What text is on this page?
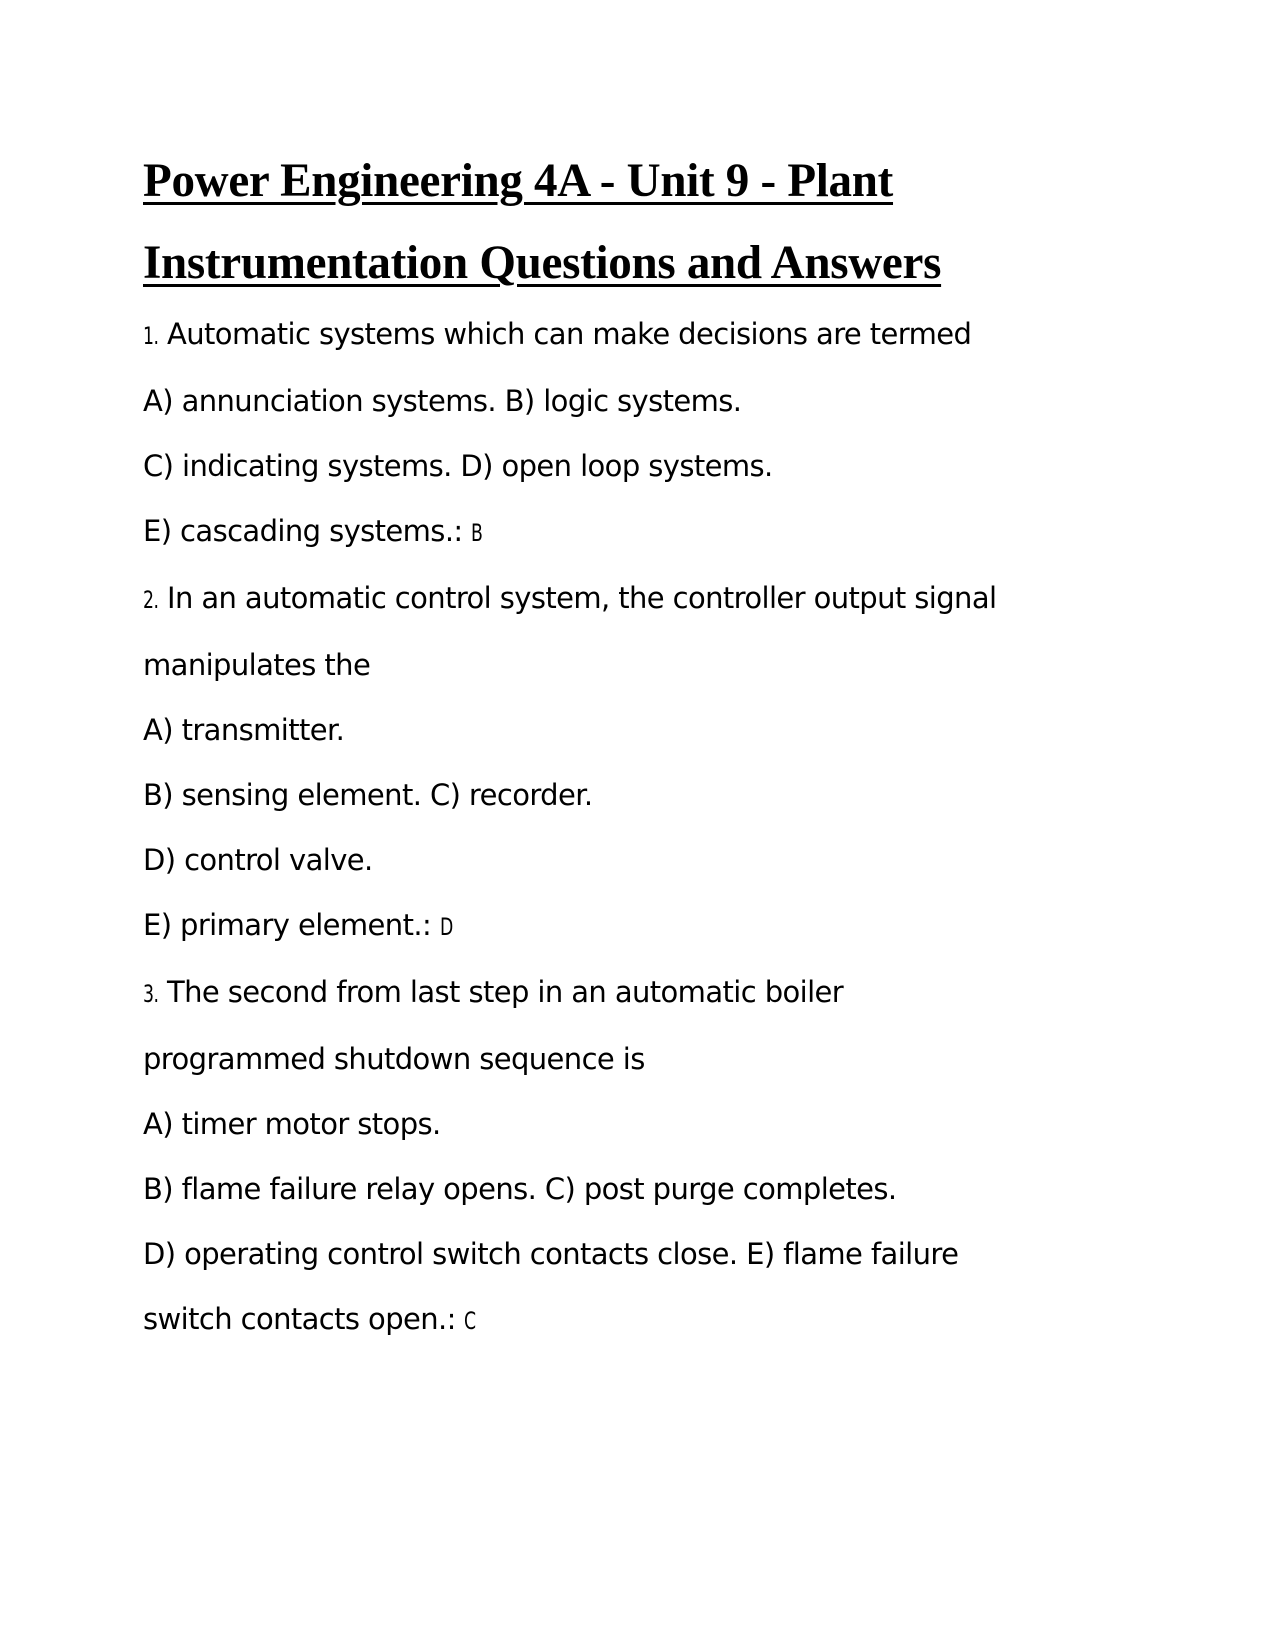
Power Engineering 4A - Unit 9 - Plant
Instrumentation Questions and Answers
1. Automatic systems which can make decisions are termed
A) annunciation systems. B) logic systems.
C) indicating systems. D) open loop systems.
E) cascading systems.: B
2. In an automatic control system, the controller output signal
manipulates the
A) transmitter.
B) sensing element. C) recorder.
D) control valve.
E) primary element.: D
3. The second from last step in an automatic boiler
programmed shutdown sequence is
A) timer motor stops.
B) flame failure relay opens. C) post purge completes.
D) operating control switch contacts close. E) flame failure
switch contacts open.: C
